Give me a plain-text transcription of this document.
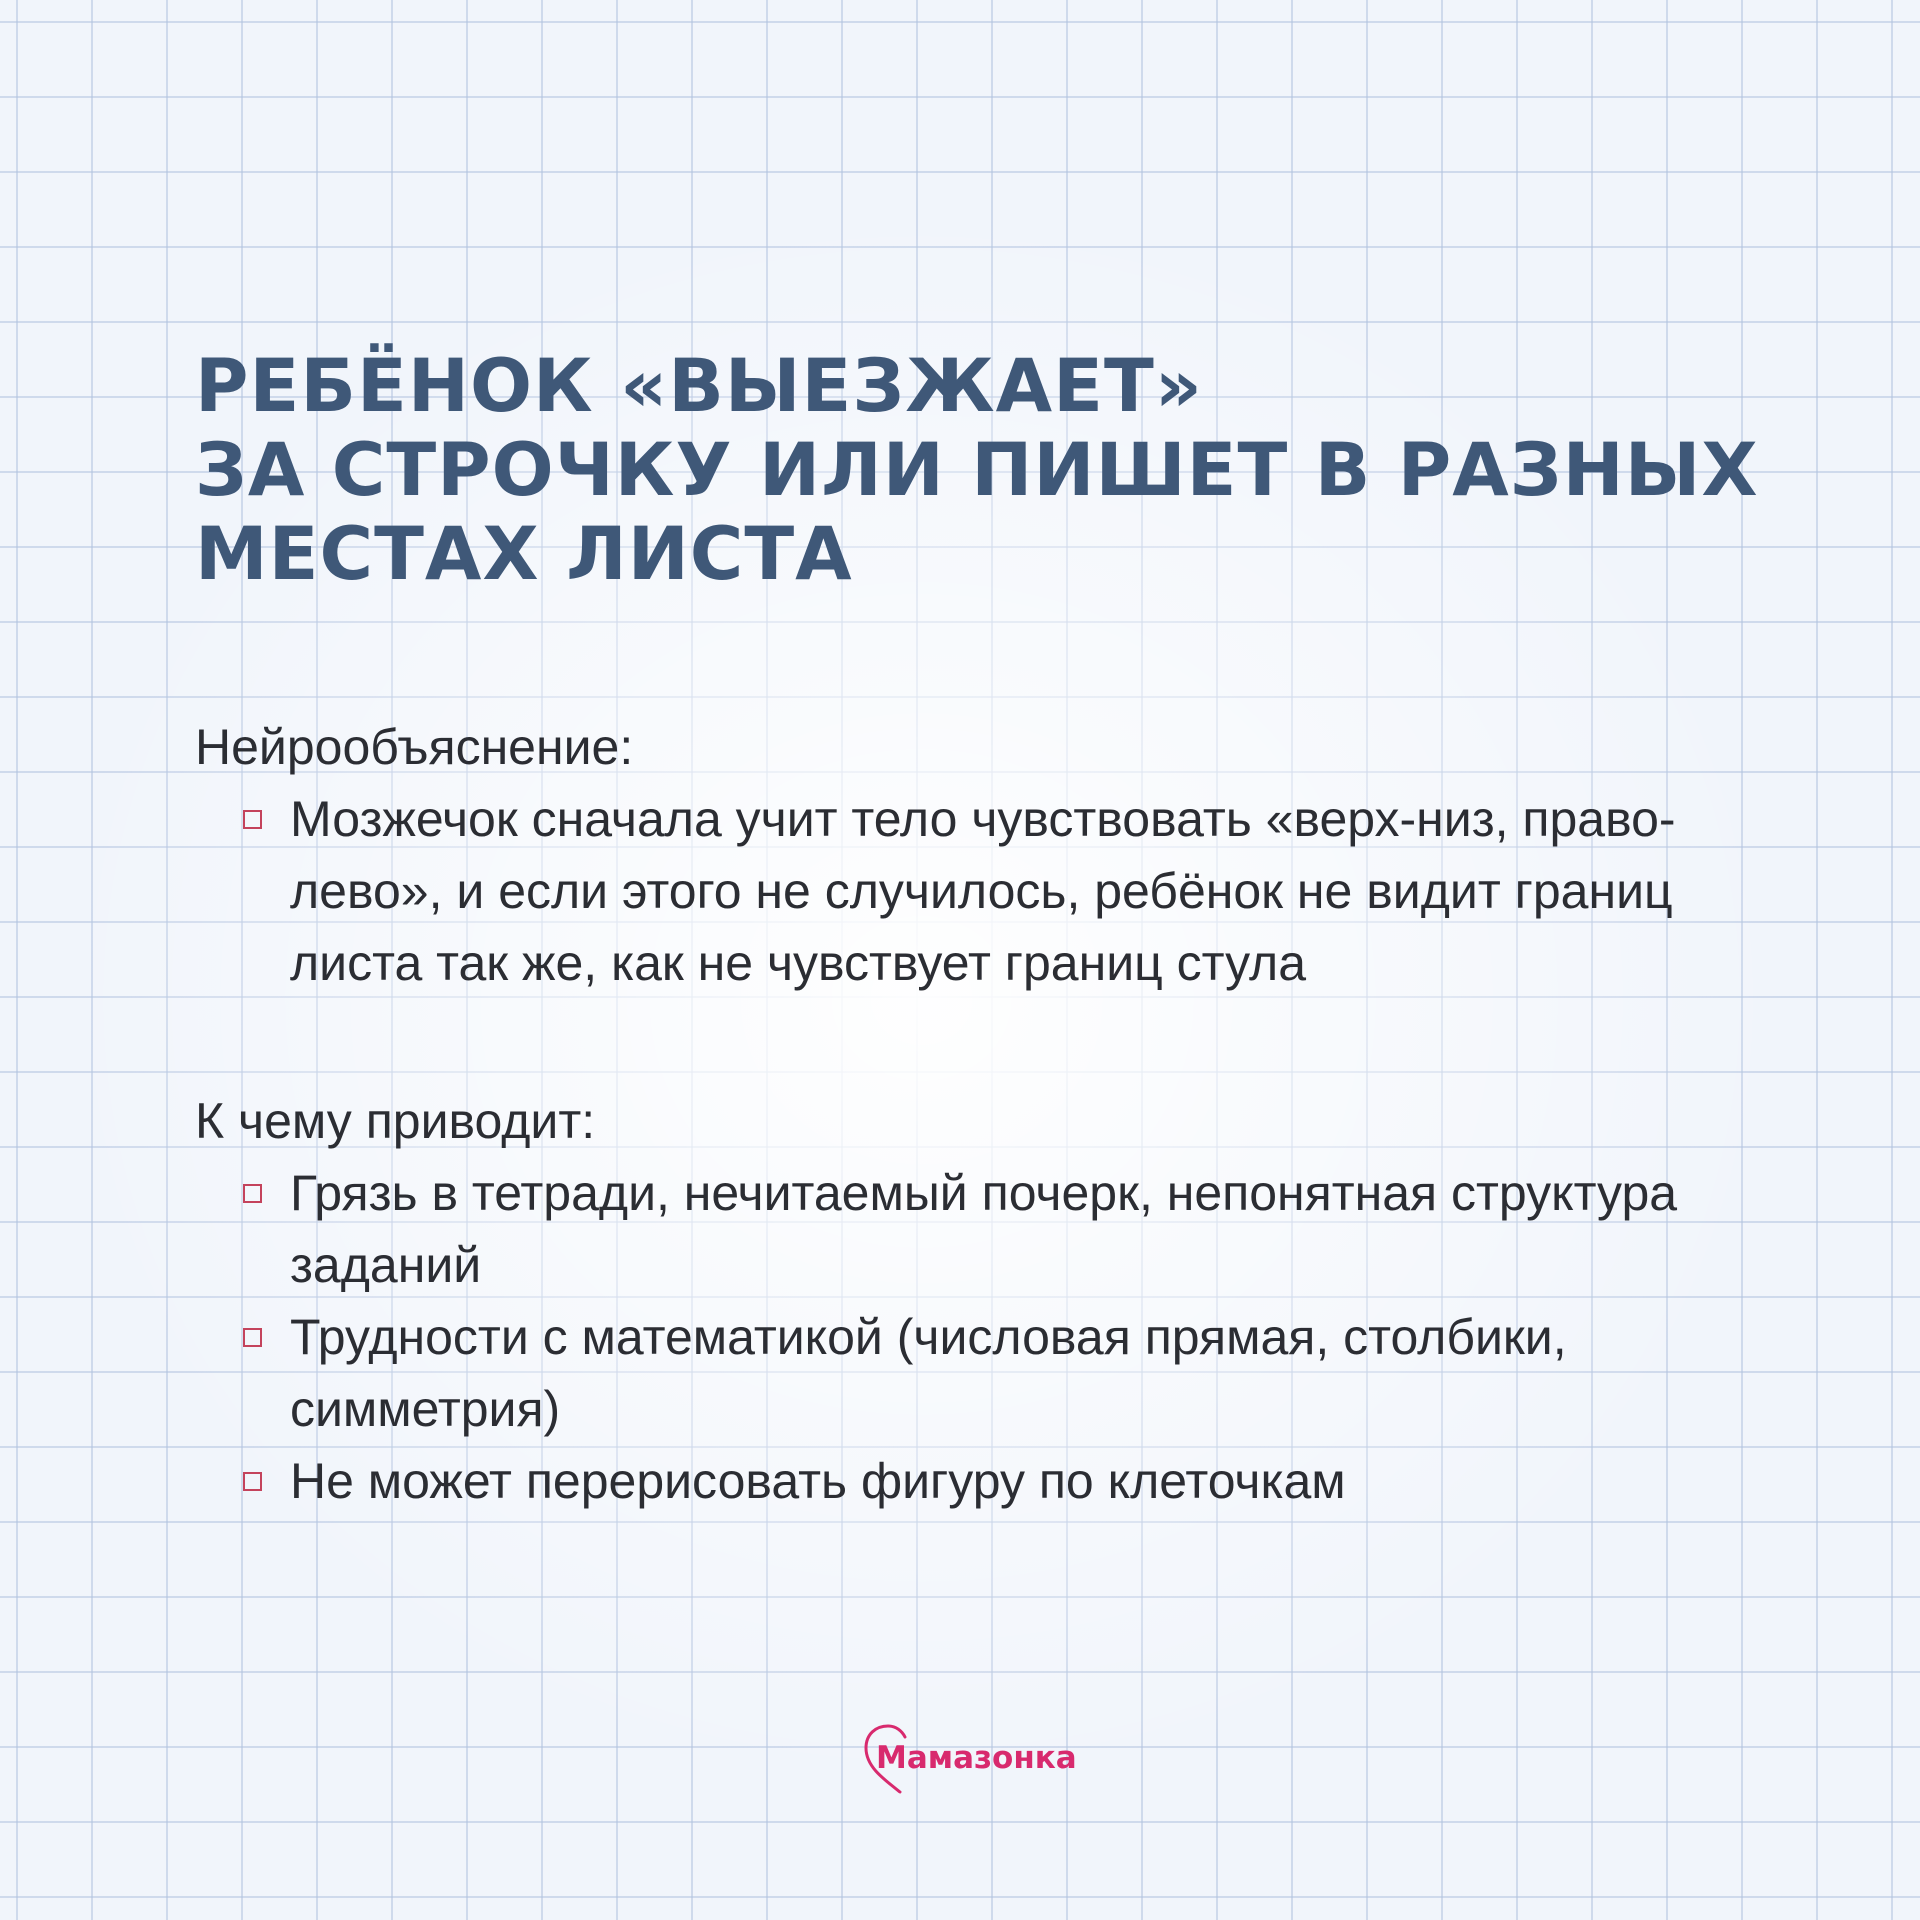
РЕБЁНОК «ВЫЕЗЖАЕТ»
ЗА СТРОЧКУ ИЛИ ПИШЕТ В РАЗНЫХ
МЕСТАХ ЛИСТА
Нейрообъяснение:
Мозжечок сначала учит тело чувствовать «верх-низ, право-лево», и если этого не случилось, ребёнок не видит границ листа так же, как не чувствует границ стула
К чему приводит:
Грязь в тетради, нечитаемый почерк, непонятная структура заданий
Трудности с математикой (числовая прямая, столбики, симметрия)
Не может перерисовать фигуру по клеточкам
Мамазонка
